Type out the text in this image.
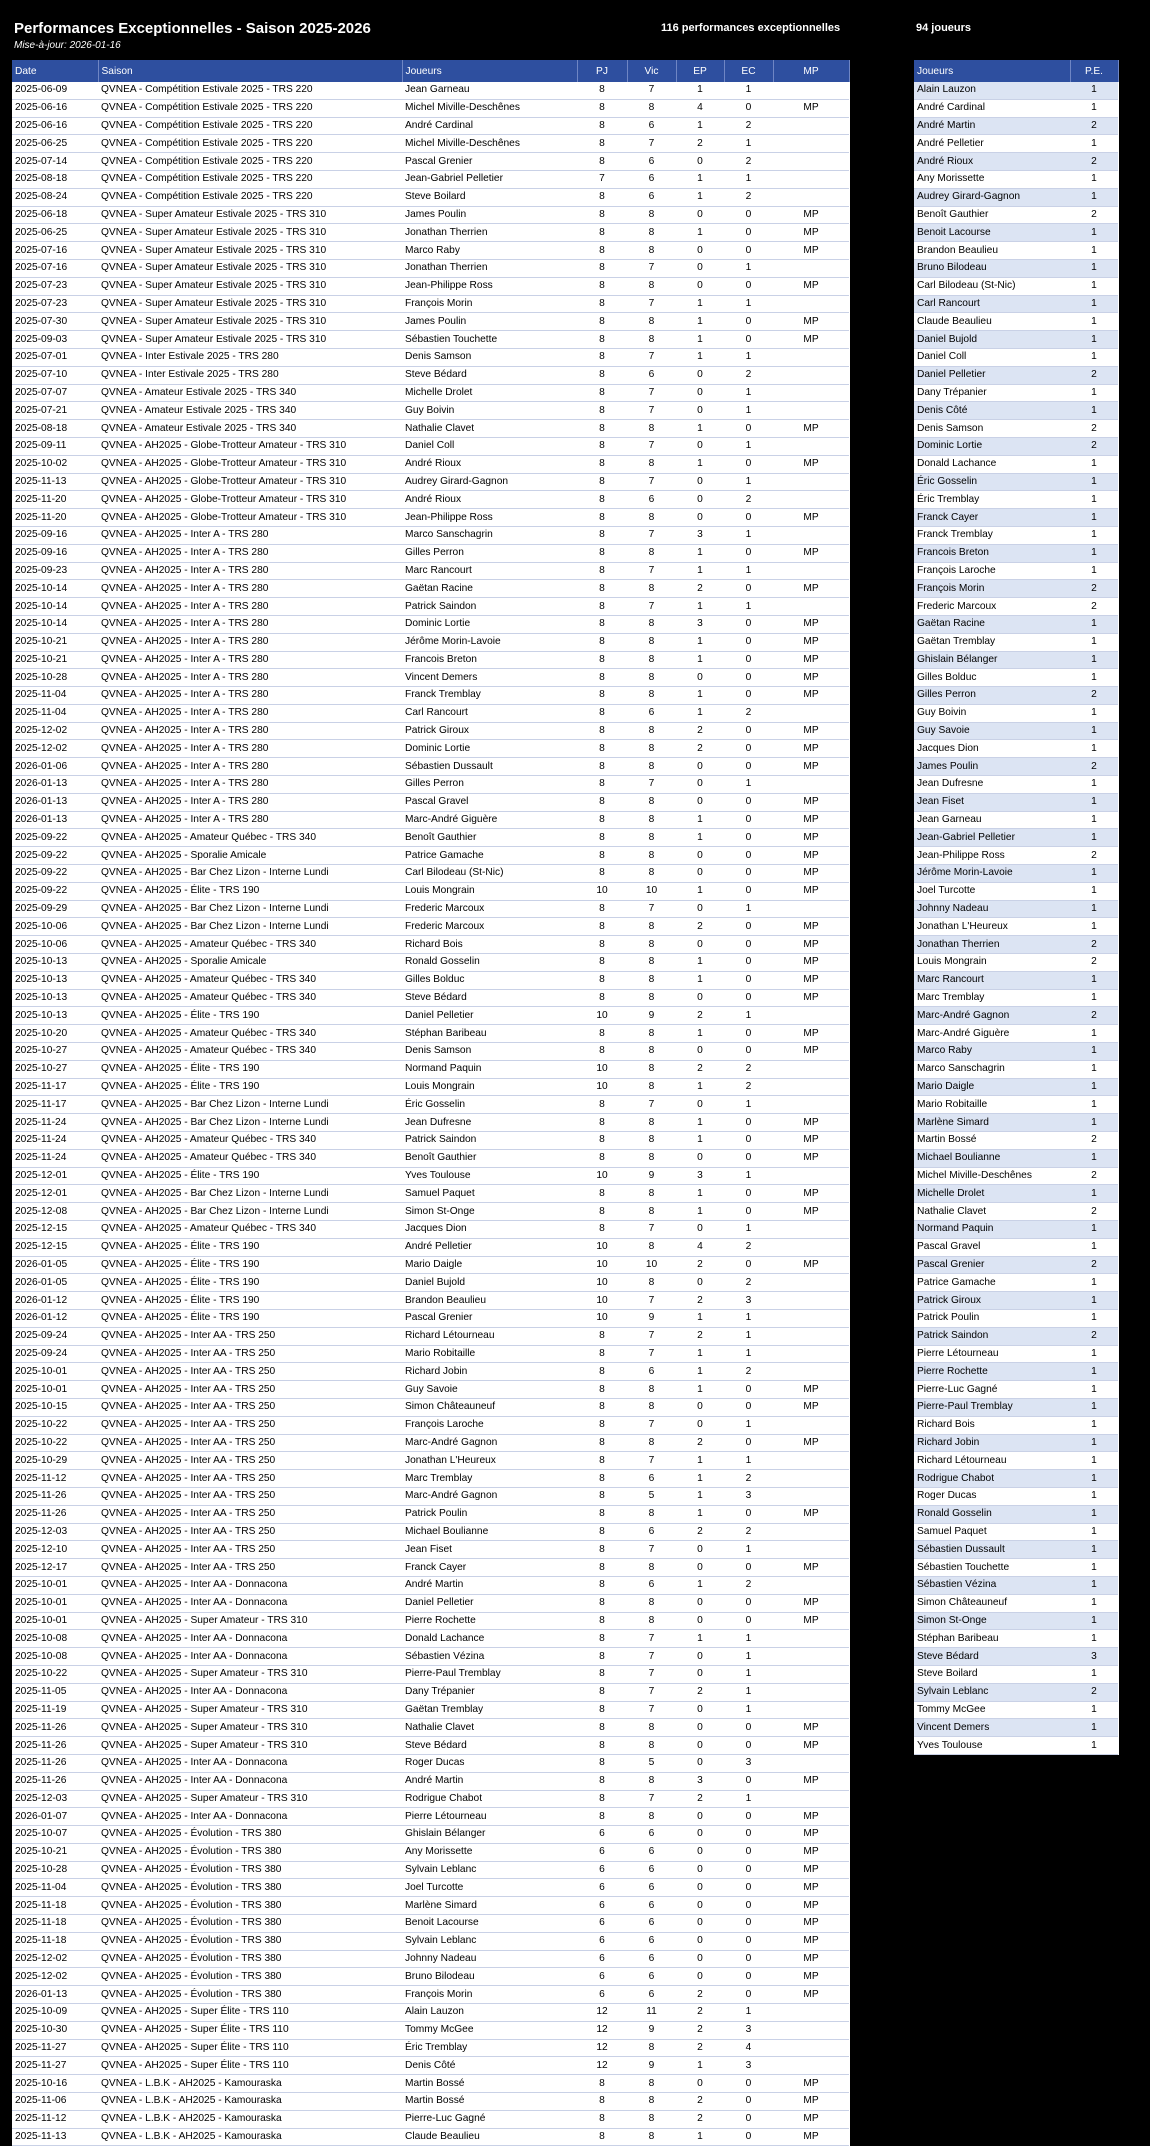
Performances Exceptionnelles - Saison 2025-2026
Mise-à-jour: 2026-01-16
116 performances exceptionnelles	94 joueurs
Date	Saison	Joueurs	PJ	Vic	EP	EC	MP
2025-06-09	QVNEA - Compétition Estivale 2025 - TRS 220	Jean Garneau	8	7	1	1	
2025-06-16	QVNEA - Compétition Estivale 2025 - TRS 220	Michel Miville-Deschênes	8	8	4	0	MP
2025-06-16	QVNEA - Compétition Estivale 2025 - TRS 220	André Cardinal	8	6	1	2	
2025-06-25	QVNEA - Compétition Estivale 2025 - TRS 220	Michel Miville-Deschênes	8	7	2	1	
2025-07-14	QVNEA - Compétition Estivale 2025 - TRS 220	Pascal Grenier	8	6	0	2	
2025-08-18	QVNEA - Compétition Estivale 2025 - TRS 220	Jean-Gabriel Pelletier	7	6	1	1	
2025-08-24	QVNEA - Compétition Estivale 2025 - TRS 220	Steve Boilard	8	6	1	2	
2025-06-18	QVNEA - Super Amateur Estivale 2025 - TRS 310	James Poulin	8	8	0	0	MP
2025-06-25	QVNEA - Super Amateur Estivale 2025 - TRS 310	Jonathan Therrien	8	8	1	0	MP
2025-07-16	QVNEA - Super Amateur Estivale 2025 - TRS 310	Marco Raby	8	8	0	0	MP
2025-07-16	QVNEA - Super Amateur Estivale 2025 - TRS 310	Jonathan Therrien	8	7	0	1	
2025-07-23	QVNEA - Super Amateur Estivale 2025 - TRS 310	Jean-Philippe Ross	8	8	0	0	MP
2025-07-23	QVNEA - Super Amateur Estivale 2025 - TRS 310	François Morin	8	7	1	1	
2025-07-30	QVNEA - Super Amateur Estivale 2025 - TRS 310	James Poulin	8	8	1	0	MP
2025-09-03	QVNEA - Super Amateur Estivale 2025 - TRS 310	Sébastien Touchette	8	8	1	0	MP
2025-07-01	QVNEA - Inter Estivale 2025 - TRS 280	Denis Samson	8	7	1	1	
2025-07-10	QVNEA - Inter Estivale 2025 - TRS 280	Steve Bédard	8	6	0	2	
2025-07-07	QVNEA - Amateur Estivale 2025 - TRS 340	Michelle Drolet	8	7	0	1	
2025-07-21	QVNEA - Amateur Estivale 2025 - TRS 340	Guy Boivin	8	7	0	1	
2025-08-18	QVNEA - Amateur Estivale 2025 - TRS 340	Nathalie Clavet	8	8	1	0	MP
2025-09-11	QVNEA - AH2025 - Globe-Trotteur Amateur - TRS 310	Daniel Coll	8	7	0	1	
2025-10-02	QVNEA - AH2025 - Globe-Trotteur Amateur - TRS 310	André Rioux	8	8	1	0	MP
2025-11-13	QVNEA - AH2025 - Globe-Trotteur Amateur - TRS 310	Audrey Girard-Gagnon	8	7	0	1	
2025-11-20	QVNEA - AH2025 - Globe-Trotteur Amateur - TRS 310	André Rioux	8	6	0	2	
2025-11-20	QVNEA - AH2025 - Globe-Trotteur Amateur - TRS 310	Jean-Philippe Ross	8	8	0	0	MP
2025-09-16	QVNEA - AH2025 - Inter A - TRS 280	Marco Sanschagrin	8	7	3	1	
2025-09-16	QVNEA - AH2025 - Inter A - TRS 280	Gilles Perron	8	8	1	0	MP
2025-09-23	QVNEA - AH2025 - Inter A - TRS 280	Marc Rancourt	8	7	1	1	
2025-10-14	QVNEA - AH2025 - Inter A - TRS 280	Gaëtan Racine	8	8	2	0	MP
2025-10-14	QVNEA - AH2025 - Inter A - TRS 280	Patrick Saindon	8	7	1	1	
2025-10-14	QVNEA - AH2025 - Inter A - TRS 280	Dominic Lortie	8	8	3	0	MP
2025-10-21	QVNEA - AH2025 - Inter A - TRS 280	Jérôme Morin-Lavoie	8	8	1	0	MP
2025-10-21	QVNEA - AH2025 - Inter A - TRS 280	Francois Breton	8	8	1	0	MP
2025-10-28	QVNEA - AH2025 - Inter A - TRS 280	Vincent Demers	8	8	0	0	MP
2025-11-04	QVNEA - AH2025 - Inter A - TRS 280	Franck Tremblay	8	8	1	0	MP
2025-11-04	QVNEA - AH2025 - Inter A - TRS 280	Carl Rancourt	8	6	1	2	
2025-12-02	QVNEA - AH2025 - Inter A - TRS 280	Patrick Giroux	8	8	2	0	MP
2025-12-02	QVNEA - AH2025 - Inter A - TRS 280	Dominic Lortie	8	8	2	0	MP
2026-01-06	QVNEA - AH2025 - Inter A - TRS 280	Sébastien Dussault	8	8	0	0	MP
2026-01-13	QVNEA - AH2025 - Inter A - TRS 280	Gilles Perron	8	7	0	1	
2026-01-13	QVNEA - AH2025 - Inter A - TRS 280	Pascal Gravel	8	8	0	0	MP
2026-01-13	QVNEA - AH2025 - Inter A - TRS 280	Marc-André Giguère	8	8	1	0	MP
2025-09-22	QVNEA - AH2025 - Amateur Québec - TRS 340	Benoît Gauthier	8	8	1	0	MP
2025-09-22	QVNEA - AH2025 - Sporalie Amicale	Patrice Gamache	8	8	0	0	MP
2025-09-22	QVNEA - AH2025 - Bar Chez Lizon - Interne Lundi	Carl Bilodeau (St-Nic)	8	8	0	0	MP
2025-09-22	QVNEA - AH2025 - Élite - TRS 190	Louis Mongrain	10	10	1	0	MP
2025-09-29	QVNEA - AH2025 - Bar Chez Lizon - Interne Lundi	Frederic Marcoux	8	7	0	1	
2025-10-06	QVNEA - AH2025 - Bar Chez Lizon - Interne Lundi	Frederic Marcoux	8	8	2	0	MP
2025-10-06	QVNEA - AH2025 - Amateur Québec - TRS 340	Richard Bois	8	8	0	0	MP
2025-10-13	QVNEA - AH2025 - Sporalie Amicale	Ronald Gosselin	8	8	1	0	MP
2025-10-13	QVNEA - AH2025 - Amateur Québec - TRS 340	Gilles Bolduc	8	8	1	0	MP
2025-10-13	QVNEA - AH2025 - Amateur Québec - TRS 340	Steve Bédard	8	8	0	0	MP
2025-10-13	QVNEA - AH2025 - Élite - TRS 190	Daniel Pelletier	10	9	2	1	
2025-10-20	QVNEA - AH2025 - Amateur Québec - TRS 340	Stéphan Baribeau	8	8	1	0	MP
2025-10-27	QVNEA - AH2025 - Amateur Québec - TRS 340	Denis Samson	8	8	0	0	MP
2025-10-27	QVNEA - AH2025 - Élite - TRS 190	Normand Paquin	10	8	2	2	
2025-11-17	QVNEA - AH2025 - Élite - TRS 190	Louis Mongrain	10	8	1	2	
2025-11-17	QVNEA - AH2025 - Bar Chez Lizon - Interne Lundi	Éric Gosselin	8	7	0	1	
2025-11-24	QVNEA - AH2025 - Bar Chez Lizon - Interne Lundi	Jean Dufresne	8	8	1	0	MP
2025-11-24	QVNEA - AH2025 - Amateur Québec - TRS 340	Patrick Saindon	8	8	1	0	MP
2025-11-24	QVNEA - AH2025 - Amateur Québec - TRS 340	Benoît Gauthier	8	8	0	0	MP
2025-12-01	QVNEA - AH2025 - Élite - TRS 190	Yves Toulouse	10	9	3	1	
2025-12-01	QVNEA - AH2025 - Bar Chez Lizon - Interne Lundi	Samuel Paquet	8	8	1	0	MP
2025-12-08	QVNEA - AH2025 - Bar Chez Lizon - Interne Lundi	Simon St-Onge	8	8	1	0	MP
2025-12-15	QVNEA - AH2025 - Amateur Québec - TRS 340	Jacques Dion	8	7	0	1	
2025-12-15	QVNEA - AH2025 - Élite - TRS 190	André Pelletier	10	8	4	2	
2026-01-05	QVNEA - AH2025 - Élite - TRS 190	Mario Daigle	10	10	2	0	MP
2026-01-05	QVNEA - AH2025 - Élite - TRS 190	Daniel Bujold	10	8	0	2	
2026-01-12	QVNEA - AH2025 - Élite - TRS 190	Brandon Beaulieu	10	7	2	3	
2026-01-12	QVNEA - AH2025 - Élite - TRS 190	Pascal Grenier	10	9	1	1	
2025-09-24	QVNEA - AH2025 - Inter AA - TRS 250	Richard Létourneau	8	7	2	1	
2025-09-24	QVNEA - AH2025 - Inter AA - TRS 250	Mario Robitaille	8	7	1	1	
2025-10-01	QVNEA - AH2025 - Inter AA - TRS 250	Richard Jobin	8	6	1	2	
2025-10-01	QVNEA - AH2025 - Inter AA - TRS 250	Guy Savoie	8	8	1	0	MP
2025-10-15	QVNEA - AH2025 - Inter AA - TRS 250	Simon Châteauneuf	8	8	0	0	MP
2025-10-22	QVNEA - AH2025 - Inter AA - TRS 250	François Laroche	8	7	0	1	
2025-10-22	QVNEA - AH2025 - Inter AA - TRS 250	Marc-André Gagnon	8	8	2	0	MP
2025-10-29	QVNEA - AH2025 - Inter AA - TRS 250	Jonathan L'Heureux	8	7	1	1	
2025-11-12	QVNEA - AH2025 - Inter AA - TRS 250	Marc Tremblay	8	6	1	2	
2025-11-26	QVNEA - AH2025 - Inter AA - TRS 250	Marc-André Gagnon	8	5	1	3	
2025-11-26	QVNEA - AH2025 - Inter AA - TRS 250	Patrick Poulin	8	8	1	0	MP
2025-12-03	QVNEA - AH2025 - Inter AA - TRS 250	Michael Boulianne	8	6	2	2	
2025-12-10	QVNEA - AH2025 - Inter AA - TRS 250	Jean Fiset	8	7	0	1	
2025-12-17	QVNEA - AH2025 - Inter AA - TRS 250	Franck Cayer	8	8	0	0	MP
2025-10-01	QVNEA - AH2025 - Inter AA - Donnacona	André Martin	8	6	1	2	
2025-10-01	QVNEA - AH2025 - Inter AA - Donnacona	Daniel Pelletier	8	8	0	0	MP
2025-10-01	QVNEA - AH2025 - Super Amateur - TRS 310	Pierre Rochette	8	8	0	0	MP
2025-10-08	QVNEA - AH2025 - Inter AA - Donnacona	Donald Lachance	8	7	1	1	
2025-10-08	QVNEA - AH2025 - Inter AA - Donnacona	Sébastien Vézina	8	7	0	1	
2025-10-22	QVNEA - AH2025 - Super Amateur - TRS 310	Pierre-Paul Tremblay	8	7	0	1	
2025-11-05	QVNEA - AH2025 - Inter AA - Donnacona	Dany Trépanier	8	7	2	1	
2025-11-19	QVNEA - AH2025 - Super Amateur - TRS 310	Gaëtan Tremblay	8	7	0	1	
2025-11-26	QVNEA - AH2025 - Super Amateur - TRS 310	Nathalie Clavet	8	8	0	0	MP
2025-11-26	QVNEA - AH2025 - Super Amateur - TRS 310	Steve Bédard	8	8	0	0	MP
2025-11-26	QVNEA - AH2025 - Inter AA - Donnacona	Roger Ducas	8	5	0	3	
2025-11-26	QVNEA - AH2025 - Inter AA - Donnacona	André Martin	8	8	3	0	MP
2025-12-03	QVNEA - AH2025 - Super Amateur - TRS 310	Rodrigue Chabot	8	7	2	1	
2026-01-07	QVNEA - AH2025 - Inter AA - Donnacona	Pierre Létourneau	8	8	0	0	MP
2025-10-07	QVNEA - AH2025 - Évolution - TRS 380	Ghislain Bélanger	6	6	0	0	MP
2025-10-21	QVNEA - AH2025 - Évolution - TRS 380	Any Morissette	6	6	0	0	MP
2025-10-28	QVNEA - AH2025 - Évolution - TRS 380	Sylvain Leblanc	6	6	0	0	MP
2025-11-04	QVNEA - AH2025 - Évolution - TRS 380	Joel Turcotte	6	6	0	0	MP
2025-11-18	QVNEA - AH2025 - Évolution - TRS 380	Marlène Simard	6	6	0	0	MP
2025-11-18	QVNEA - AH2025 - Évolution - TRS 380	Benoit Lacourse	6	6	0	0	MP
2025-11-18	QVNEA - AH2025 - Évolution - TRS 380	Sylvain Leblanc	6	6	0	0	MP
2025-12-02	QVNEA - AH2025 - Évolution - TRS 380	Johnny Nadeau	6	6	0	0	MP
2025-12-02	QVNEA - AH2025 - Évolution - TRS 380	Bruno Bilodeau	6	6	0	0	MP
2026-01-13	QVNEA - AH2025 - Évolution - TRS 380	François Morin	6	6	2	0	MP
2025-10-09	QVNEA - AH2025 - Super Élite - TRS 110	Alain Lauzon	12	11	2	1	
2025-10-30	QVNEA - AH2025 - Super Élite - TRS 110	Tommy McGee	12	9	2	3	
2025-11-27	QVNEA - AH2025 - Super Élite - TRS 110	Éric Tremblay	12	8	2	4	
2025-11-27	QVNEA - AH2025 - Super Élite - TRS 110	Denis Côté	12	9	1	3	
2025-10-16	QVNEA - L.B.K - AH2025 - Kamouraska	Martin Bossé	8	8	0	0	MP
2025-11-06	QVNEA - L.B.K - AH2025 - Kamouraska	Martin Bossé	8	8	2	0	MP
2025-11-12	QVNEA - L.B.K - AH2025 - Kamouraska	Pierre-Luc Gagné	8	8	2	0	MP
2025-11-13	QVNEA - L.B.K - AH2025 - Kamouraska	Claude Beaulieu	8	8	1	0	MP
Joueurs	P.E.
Alain Lauzon	1
André Cardinal	1
André Martin	2
André Pelletier	1
André Rioux	2
Any Morissette	1
Audrey Girard-Gagnon	1
Benoît Gauthier	2
Benoit Lacourse	1
Brandon Beaulieu	1
Bruno Bilodeau	1
Carl Bilodeau (St-Nic)	1
Carl Rancourt	1
Claude Beaulieu	1
Daniel Bujold	1
Daniel Coll	1
Daniel Pelletier	2
Dany Trépanier	1
Denis Côté	1
Denis Samson	2
Dominic Lortie	2
Donald Lachance	1
Éric Gosselin	1
Éric Tremblay	1
Franck Cayer	1
Franck Tremblay	1
Francois Breton	1
François Laroche	1
François Morin	2
Frederic Marcoux	2
Gaëtan Racine	1
Gaëtan Tremblay	1
Ghislain Bélanger	1
Gilles Bolduc	1
Gilles Perron	2
Guy Boivin	1
Guy Savoie	1
Jacques Dion	1
James Poulin	2
Jean Dufresne	1
Jean Fiset	1
Jean Garneau	1
Jean-Gabriel Pelletier	1
Jean-Philippe Ross	2
Jérôme Morin-Lavoie	1
Joel Turcotte	1
Johnny Nadeau	1
Jonathan L'Heureux	1
Jonathan Therrien	2
Louis Mongrain	2
Marc Rancourt	1
Marc Tremblay	1
Marc-André Gagnon	2
Marc-André Giguère	1
Marco Raby	1
Marco Sanschagrin	1
Mario Daigle	1
Mario Robitaille	1
Marlène Simard	1
Martin Bossé	2
Michael Boulianne	1
Michel Miville-Deschênes	2
Michelle Drolet	1
Nathalie Clavet	2
Normand Paquin	1
Pascal Gravel	1
Pascal Grenier	2
Patrice Gamache	1
Patrick Giroux	1
Patrick Poulin	1
Patrick Saindon	2
Pierre Létourneau	1
Pierre Rochette	1
Pierre-Luc Gagné	1
Pierre-Paul Tremblay	1
Richard Bois	1
Richard Jobin	1
Richard Létourneau	1
Rodrigue Chabot	1
Roger Ducas	1
Ronald Gosselin	1
Samuel Paquet	1
Sébastien Dussault	1
Sébastien Touchette	1
Sébastien Vézina	1
Simon Châteauneuf	1
Simon St-Onge	1
Stéphan Baribeau	1
Steve Bédard	3
Steve Boilard	1
Sylvain Leblanc	2
Tommy McGee	1
Vincent Demers	1
Yves Toulouse	1
